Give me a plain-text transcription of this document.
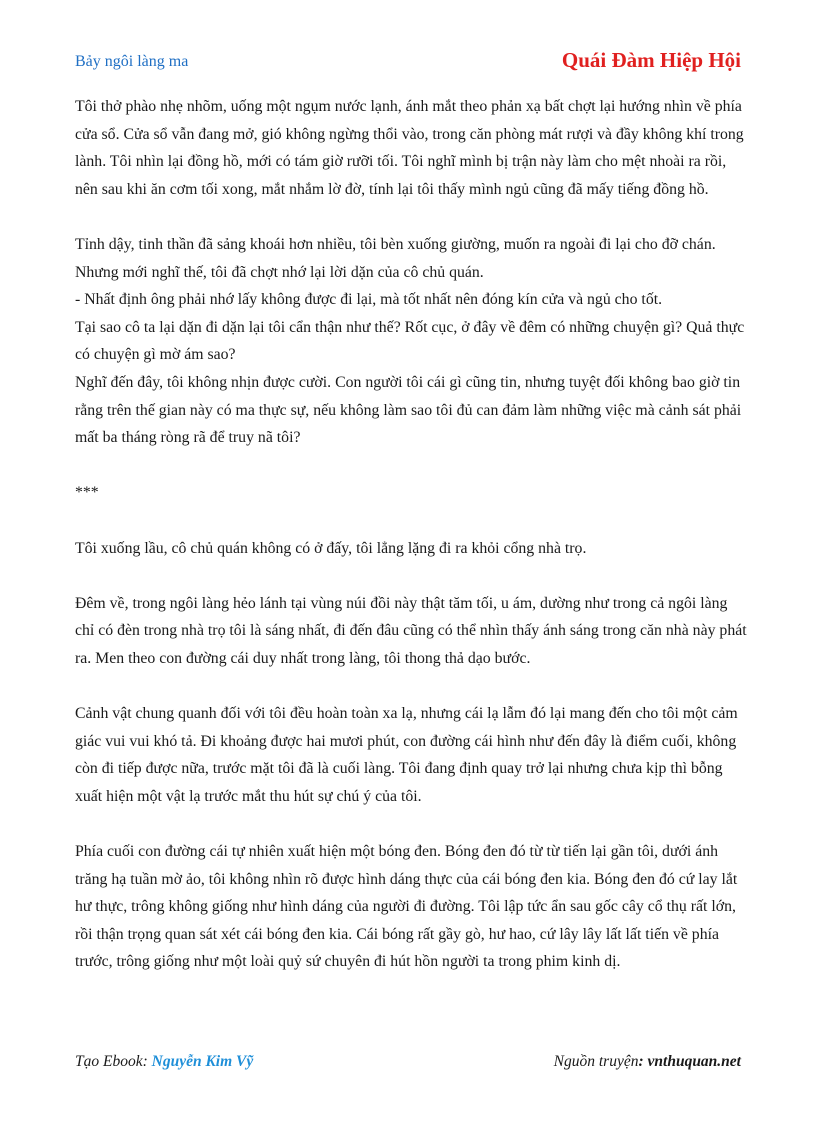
Bảy ngôi làng ma	Quái Đàm Hiệp Hội

Tôi thở phào nhẹ nhõm, uống một ngụm nước lạnh, ánh mắt theo phản xạ bất chợt lại hướng nhìn về phía cửa sổ. Cửa sổ vẫn đang mở, gió không ngừng thổi vào, trong căn phòng mát rượi và đầy không khí trong lành. Tôi nhìn lại đồng hồ, mới có tám giờ rưỡi tối. Tôi nghĩ mình bị trận này làm cho mệt nhoài ra rồi, nên sau khi ăn cơm tối xong, mắt nhắm lờ đờ, tính lại tôi thấy mình ngủ cũng đã mấy tiếng đồng hồ.

Tỉnh dậy, tinh thần đã sảng khoái hơn nhiều, tôi bèn xuống giường, muốn ra ngoài đi lại cho đỡ chán. Nhưng mới nghĩ thế, tôi đã chợt nhớ lại lời dặn của cô chủ quán.

- Nhất định ông phải nhớ lấy không được đi lại, mà tốt nhất nên đóng kín cửa và ngủ cho tốt.

Tại sao cô ta lại dặn đi dặn lại tôi cẩn thận như thế? Rốt cục, ở đây về đêm có những chuyện gì? Quả thực có chuyện gì mờ ám sao?

Nghĩ đến đây, tôi không nhịn được cười. Con người tôi cái gì cũng tin, nhưng tuyệt đối không bao giờ tin rằng trên thế gian này có ma thực sự, nếu không làm sao tôi đủ can đảm làm những việc mà cảnh sát phải mất ba tháng ròng rã để truy nã tôi?

***

Tôi xuống lầu, cô chủ quán không có ở đấy, tôi lẳng lặng đi ra khỏi cổng nhà trọ.

Đêm về, trong ngôi làng hẻo lánh tại vùng núi đồi này thật tăm tối, u ám, dường như trong cả ngôi làng chỉ có đèn trong nhà trọ tôi là sáng nhất, đi đến đâu cũng có thể nhìn thấy ánh sáng trong căn nhà này phát ra. Men theo con đường cái duy nhất trong làng, tôi thong thả dạo bước.

Cảnh vật chung quanh đối với tôi đều hoàn toàn xa lạ, nhưng cái lạ lẫm đó lại mang đến cho tôi một cảm giác vui vui khó tả. Đi khoảng được hai mươi phút, con đường cái hình như đến đây là điểm cuối, không còn đi tiếp được nữa, trước mặt tôi đã là cuối làng. Tôi đang định quay trở lại nhưng chưa kịp thì bỗng xuất hiện một vật lạ trước mắt thu hút sự chú ý của tôi.

Phía cuối con đường cái tự nhiên xuất hiện một bóng đen. Bóng đen đó từ từ tiến lại gần tôi, dưới ánh trăng hạ tuần mờ ảo, tôi không nhìn rõ được hình dáng thực của cái bóng đen kia. Bóng đen đó cứ lay lắt hư thực, trông không giống như hình dáng của người đi đường. Tôi lập tức ẩn sau gốc cây cổ thụ rất lớn, rồi thận trọng quan sát xét cái bóng đen kia. Cái bóng rất gầy gò, hư hao, cứ lây lây lất lất tiến về phía trước, trông giống như một loài quỷ sứ chuyên đi hút hồn người ta trong phim kinh dị.

Tạo Ebook: Nguyễn Kim Vỹ	Nguồn truyện: vnthuquan.net
